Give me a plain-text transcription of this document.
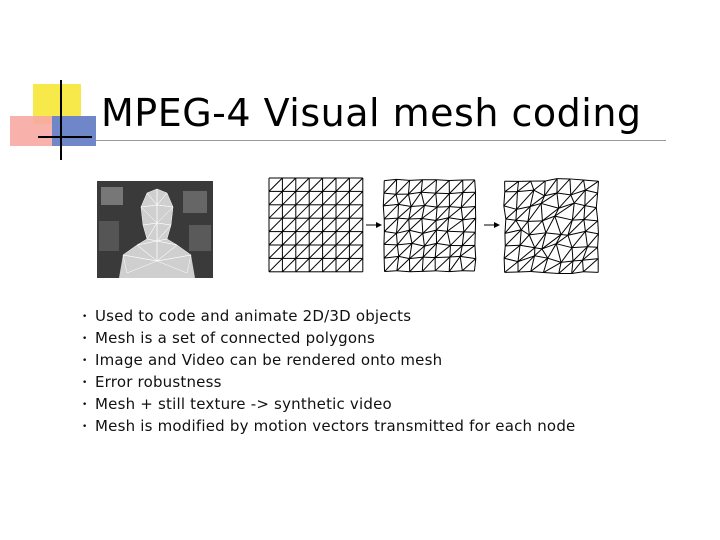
MPEG-4 Visual mesh coding
• Used to code and animate 2D/3D objects
• Mesh is a set of connected polygons
• Image and Video can be rendered onto mesh
• Error robustness
• Mesh + still texture -> synthetic video
• Mesh is modified by motion vectors transmitted for each node
